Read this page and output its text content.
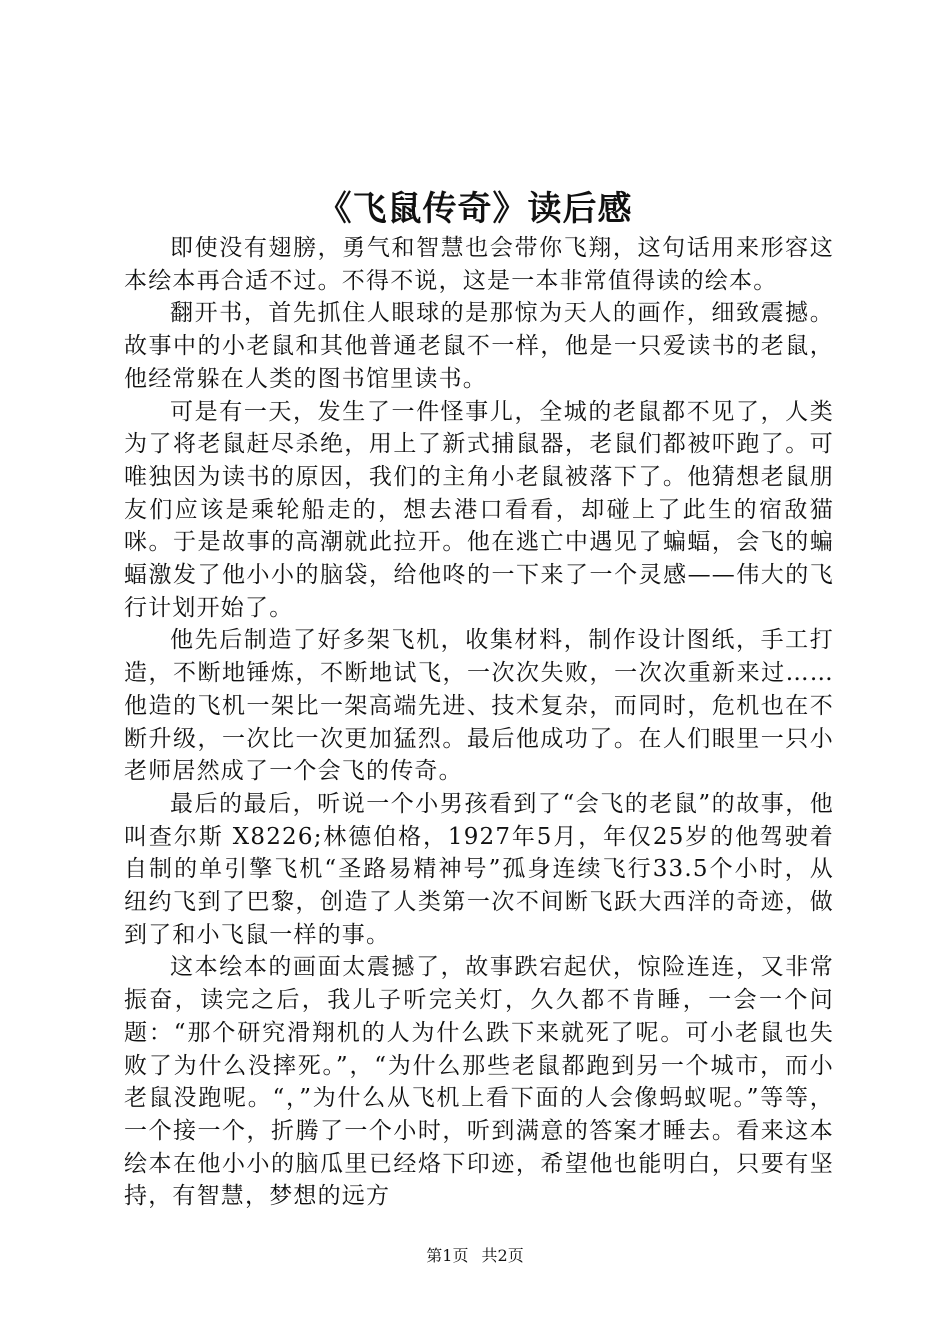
《飞鼠传奇》读后感

即使没有翅膀，勇气和智慧也会带你飞翔，这句话用来形容这本绘本再合适不过。不得不说，这是一本非常值得读的绘本。

翻开书，首先抓住人眼球的是那惊为天人的画作，细致震撼。故事中的小老鼠和其他普通老鼠不一样，他是一只爱读书的老鼠，他经常躲在人类的图书馆里读书。

可是有一天，发生了一件怪事儿，全城的老鼠都不见了，人类为了将老鼠赶尽杀绝，用上了新式捕鼠器，老鼠们都被吓跑了。可唯独因为读书的原因，我们的主角小老鼠被落下了。他猜想老鼠朋友们应该是乘轮船走的，想去港口看看，却碰上了此生的宿敌猫咪。于是故事的高潮就此拉开。他在逃亡中遇见了蝙蝠，会飞的蝙蝠激发了他小小的脑袋，给他咚的一下来了一个灵感——伟大的飞行计划开始了。

他先后制造了好多架飞机，收集材料，制作设计图纸，手工打造，不断地锤炼，不断地试飞，一次次失败，一次次重新来过……他造的飞机一架比一架高端先进、技术复杂，而同时，危机也在不断升级，一次比一次更加猛烈。最后他成功了。在人们眼里一只小老师居然成了一个会飞的传奇。

最后的最后，听说一个小男孩看到了“会飞的老鼠”的故事，他叫查尔斯 X8226;林德伯格，1927年5月，年仅25岁的他驾驶着自制的单引擎飞机“圣路易精神号”孤身连续飞行33.5个小时，从纽约飞到了巴黎，创造了人类第一次不间断飞跃大西洋的奇迹，做到了和小飞鼠一样的事。

这本绘本的画面太震撼了，故事跌宕起伏，惊险连连，又非常振奋，读完之后，我儿子听完关灯，久久都不肯睡，一会一个问题：“那个研究滑翔机的人为什么跌下来就死了呢。可小老鼠也失败了为什么没摔死。”，“为什么那些老鼠都跑到另一个城市，而小老鼠没跑呢。“，”为什么从飞机上看下面的人会像蚂蚁呢。”等等，一个接一个，折腾了一个小时，听到满意的答案才睡去。看来这本绘本在他小小的脑瓜里已经烙下印迹，希望他也能明白，只要有坚持，有智慧，梦想的远方

第1页 共2页
